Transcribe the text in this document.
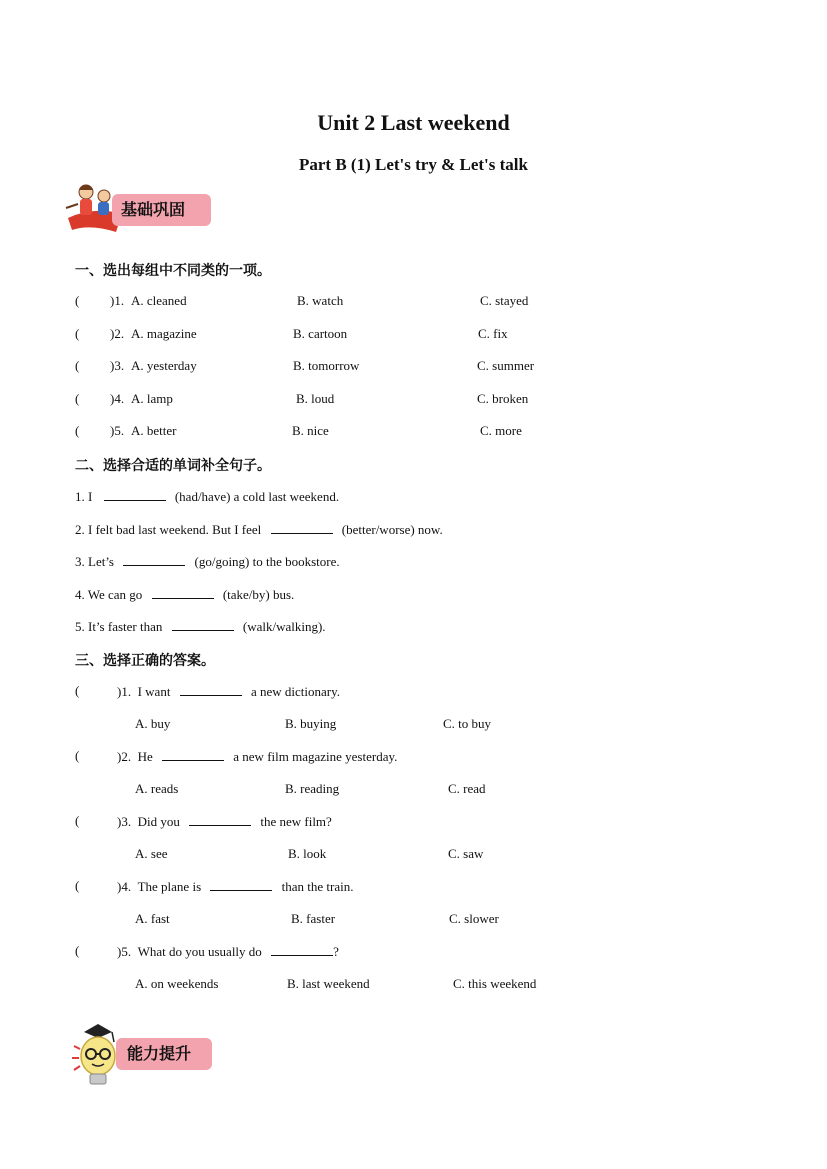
Unit 2 Last weekend
Part B (1) Let's try & Let's talk
基础巩固
一、选出每组中不同类的一项。
( )1. A. cleaned	B. watch	C. stayed
( )2. A. magazine	B. cartoon	C. fix
( )3. A. yesterday	B. tomorrow	C. summer
( )4. A. lamp	B. loud	C. broken
( )5. A. better	B. nice	C. more
二、选择合适的单词补全句子。
1. I	(had/have) a cold last weekend.
2. I felt bad last weekend. But I feel	(better/worse) now.
3. Let’s	(go/going) to the bookstore.
4. We can go	(take/by) bus.
5. It’s faster than	(walk/walking).
三、选择正确的答案。
(	)1. I want	a new dictionary.
A. buy	B. buying	C. to buy
(	)2. He	a new film magazine yesterday.
A. reads	B. reading	C. read
(	)3. Did you	the new film?
A. see	B. look	C. saw
(	)4. The plane is	than the train.
A. fast	B. faster	C. slower
(	)5. What do you usually do	?
A. on weekends	B. last weekend	C. this weekend
能力提升
